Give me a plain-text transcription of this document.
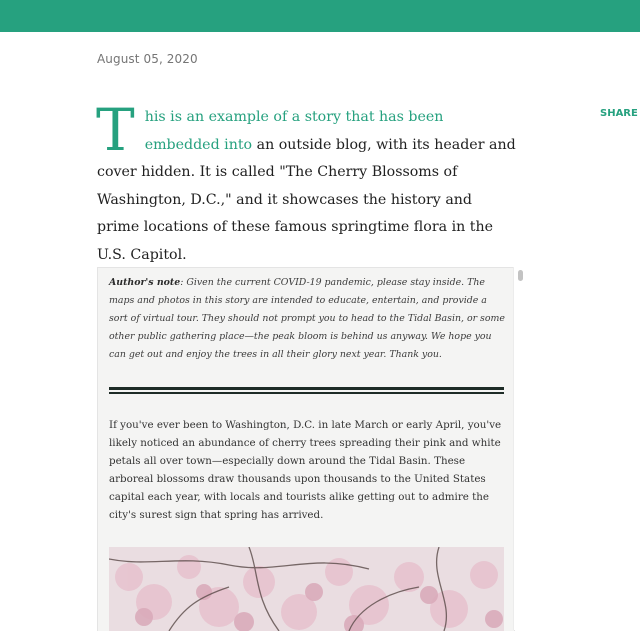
August 05, 2020
SHARE
T his is an example of a story that has been embedded into an outside blog, with its header and cover hidden. It is called "The Cherry Blossoms of Washington, D.C.," and it showcases the history and prime locations of these famous springtime flora in the U.S. Capitol.
Author's note: Given the current COVID-19 pandemic, please stay inside. The maps and photos in this story are intended to educate, entertain, and provide a sort of virtual tour. They should not prompt you to head to the Tidal Basin, or some other public gathering place—the peak bloom is behind us anyway. We hope you can get out and enjoy the trees in all their glory next year. Thank you.
If you've ever been to Washington, D.C. in late March or early April, you've likely noticed an abundance of cherry trees spreading their pink and white petals all over town—especially down around the Tidal Basin. These arboreal blossoms draw thousands upon thousands to the United States capital each year, with locals and tourists alike getting out to admire the city's surest sign that spring has arrived.
